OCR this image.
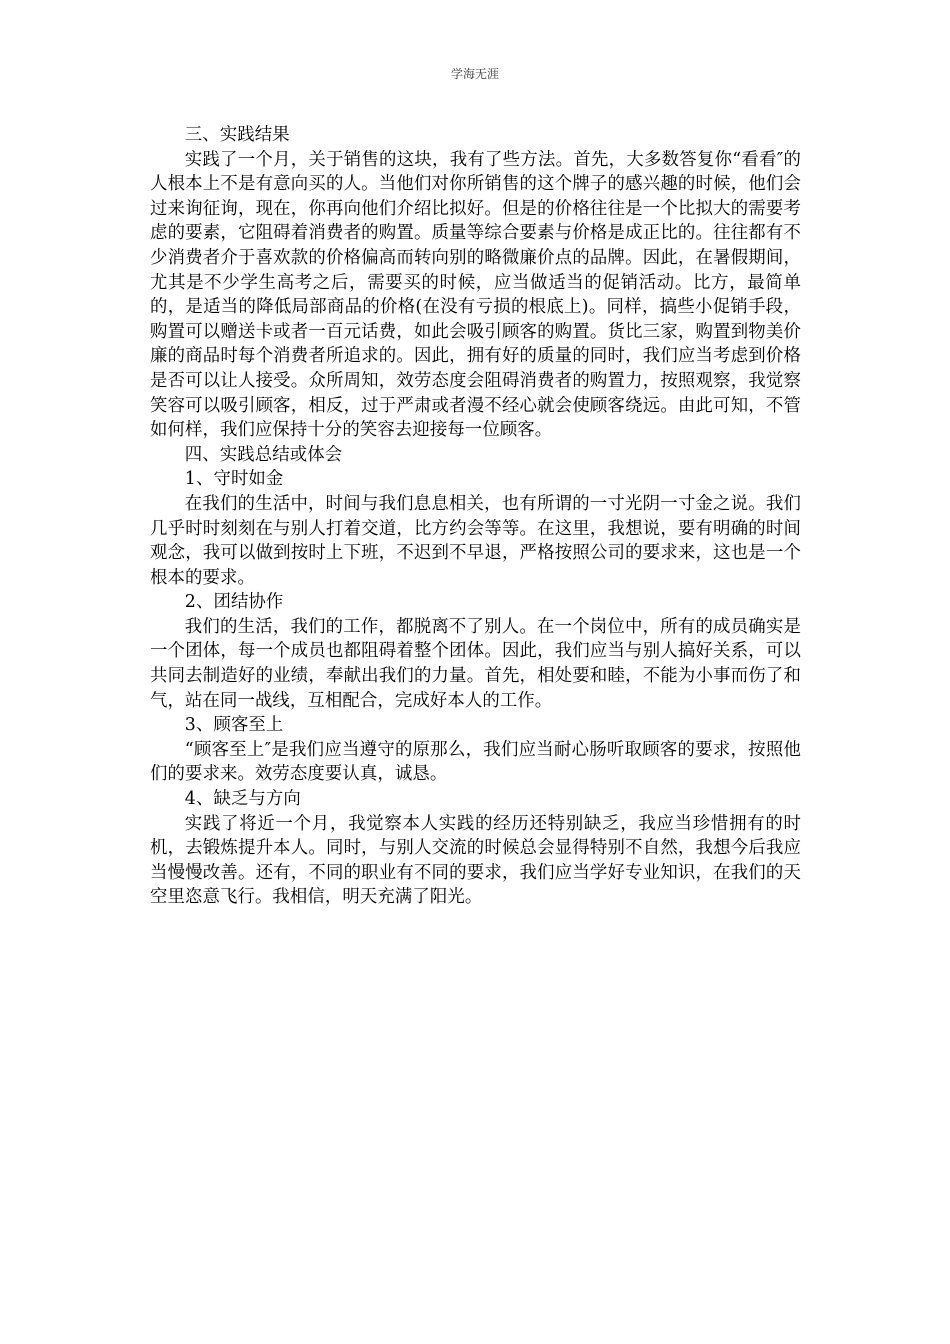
学海无涯

三、实践结果

实践了一个月，关于销售的这块，我有了些方法。首先，大多数答复你“看看″的人根本上不是有意向买的人。当他们对你所销售的这个牌子的感兴趣的时候，他们会过来询征询，现在，你再向他们介绍比拟好。但是的价格往往是一个比拟大的需要考虑的要素，它阻碍着消费者的购置。质量等综合要素与价格是成正比的。往往都有不少消费者介于喜欢款的价格偏高而转向别的略微廉价点的品牌。因此，在暑假期间，尤其是不少学生高考之后，需要买的时候，应当做适当的促销活动。比方，最简单的，是适当的降低局部商品的价格(在没有亏损的根底上)。同样，搞些小促销手段，购置可以赠送卡或者一百元话费，如此会吸引顾客的购置。货比三家，购置到物美价廉的商品时每个消费者所追求的。因此，拥有好的质量的同时，我们应当考虑到价格是否可以让人接受。众所周知，效劳态度会阻碍消费者的购置力，按照观察，我觉察笑容可以吸引顾客，相反，过于严肃或者漫不经心就会使顾客绕远。由此可知，不管如何样，我们应保持十分的笑容去迎接每一位顾客。

四、实践总结或体会

1、守时如金

在我们的生活中，时间与我们息息相关，也有所谓的一寸光阴一寸金之说。我们几乎时时刻刻在与别人打着交道，比方约会等等。在这里，我想说，要有明确的时间观念，我可以做到按时上下班，不迟到不早退，严格按照公司的要求来，这也是一个根本的要求。

2、团结协作

我们的生活，我们的工作，都脱离不了别人。在一个岗位中，所有的成员确实是一个团体，每一个成员也都阻碍着整个团体。因此，我们应当与别人搞好关系，可以共同去制造好的业绩，奉献出我们的力量。首先，相处要和睦，不能为小事而伤了和气，站在同一战线，互相配合，完成好本人的工作。

3、顾客至上

“顾客至上″是我们应当遵守的原那么，我们应当耐心肠听取顾客的要求，按照他们的要求来。效劳态度要认真，诚恳。

4、缺乏与方向

实践了将近一个月，我觉察本人实践的经历还特别缺乏，我应当珍惜拥有的时机，去锻炼提升本人。同时，与别人交流的时候总会显得特别不自然，我想今后我应当慢慢改善。还有，不同的职业有不同的要求，我们应当学好专业知识，在我们的天空里恣意飞行。我相信，明天充满了阳光。
